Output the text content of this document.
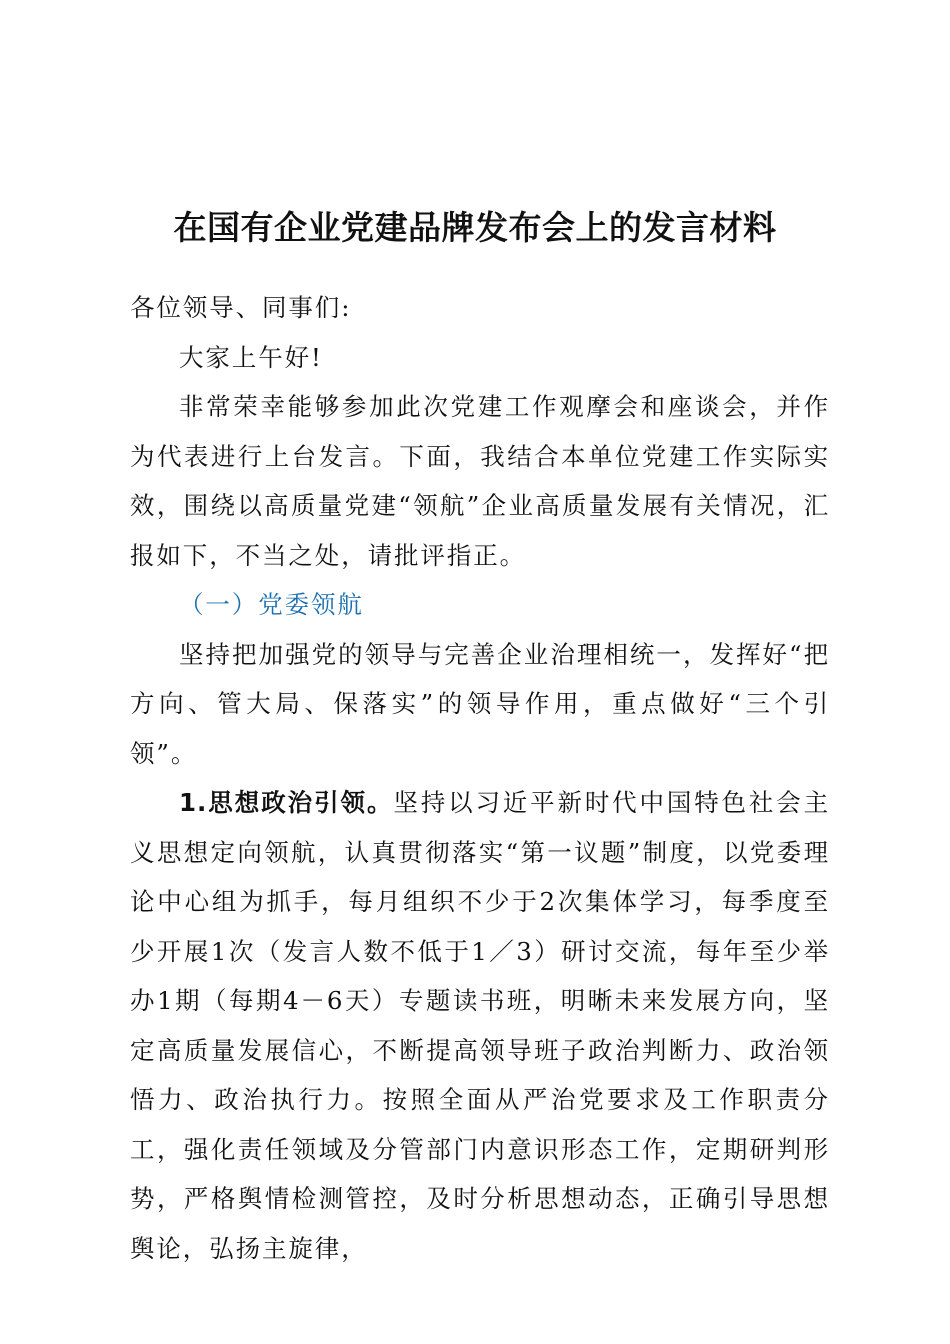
在国有企业党建品牌发布会上的发言材料

各位领导、同事们:

大家上午好!

非常荣幸能够参加此次党建工作观摩会和座谈会，并作为代表进行上台发言。下面，我结合本单位党建工作实际实效，围绕以高质量党建“领航”企业高质量发展有关情况，汇报如下，不当之处，请批评指正。

（一）党委领航

坚持把加强党的领导与完善企业治理相统一，发挥好“把方向、管大局、保落实”的领导作用，重点做好“三个引领”。

1.思想政治引领。坚持以习近平新时代中国特色社会主义思想定向领航，认真贯彻落实“第一议题”制度，以党委理论中心组为抓手，每月组织不少于2次集体学习，每季度至少开展1次（发言人数不低于1／3）研讨交流，每年至少举办1期（每期4－6天）专题读书班，明晰未来发展方向，坚定高质量发展信心，不断提高领导班子政治判断力、政治领悟力、政治执行力。按照全面从严治党要求及工作职责分工，强化责任领域及分管部门内意识形态工作，定期研判形势，严格舆情检测管控，及时分析思想动态，正确引导思想舆论，弘扬主旋律，
